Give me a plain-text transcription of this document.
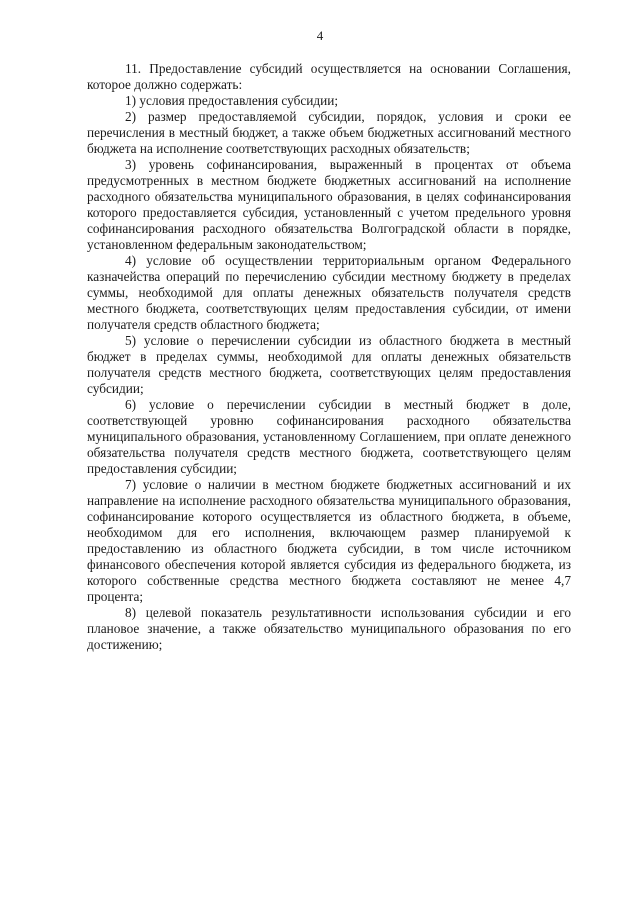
4

11. Предоставление субсидий осуществляется на основании Соглашения, которое должно содержать:

1) условия предоставления субсидии;

2) размер предоставляемой субсидии, порядок, условия и сроки ее перечисления в местный бюджет, а также объем бюджетных ассигнований местного бюджета на исполнение соответствующих расходных обязательств;

3) уровень софинансирования, выраженный в процентах от объема предусмотренных в местном бюджете бюджетных ассигнований на исполнение расходного обязательства муниципального образования, в целях софинансирования которого предоставляется субсидия, установленный с учетом предельного уровня софинансирования расходного обязательства Волгоградской области в порядке, установленном федеральным законодательством;

4) условие об осуществлении территориальным органом Федерального казначейства операций по перечислению субсидии местному бюджету в пределах суммы, необходимой для оплаты денежных обязательств получателя средств местного бюджета, соответствующих целям предоставления субсидии, от имени получателя средств областного бюджета;

5) условие о перечислении субсидии из областного бюджета в местный бюджет в пределах суммы, необходимой для оплаты денежных обязательств получателя средств местного бюджета, соответствующих целям предоставления субсидии;

6) условие о перечислении субсидии в местный бюджет в доле, соответствующей уровню софинансирования расходного обязательства муниципального образования, установленному Соглашением, при оплате денежного обязательства получателя средств местного бюджета, соответствующего целям предоставления субсидии;

7) условие о наличии в местном бюджете бюджетных ассигнований и их направление на исполнение расходного обязательства муниципального образования, софинансирование которого осуществляется из областного бюджета, в объеме, необходимом для его исполнения, включающем размер планируемой к предоставлению из областного бюджета субсидии, в том числе источником финансового обеспечения которой является субсидия из федерального бюджета, из которого собственные средства местного бюджета составляют не менее 4,7 процента;

8) целевой показатель результативности использования субсидии и его плановое значение, а также обязательство муниципального образования по его достижению;
